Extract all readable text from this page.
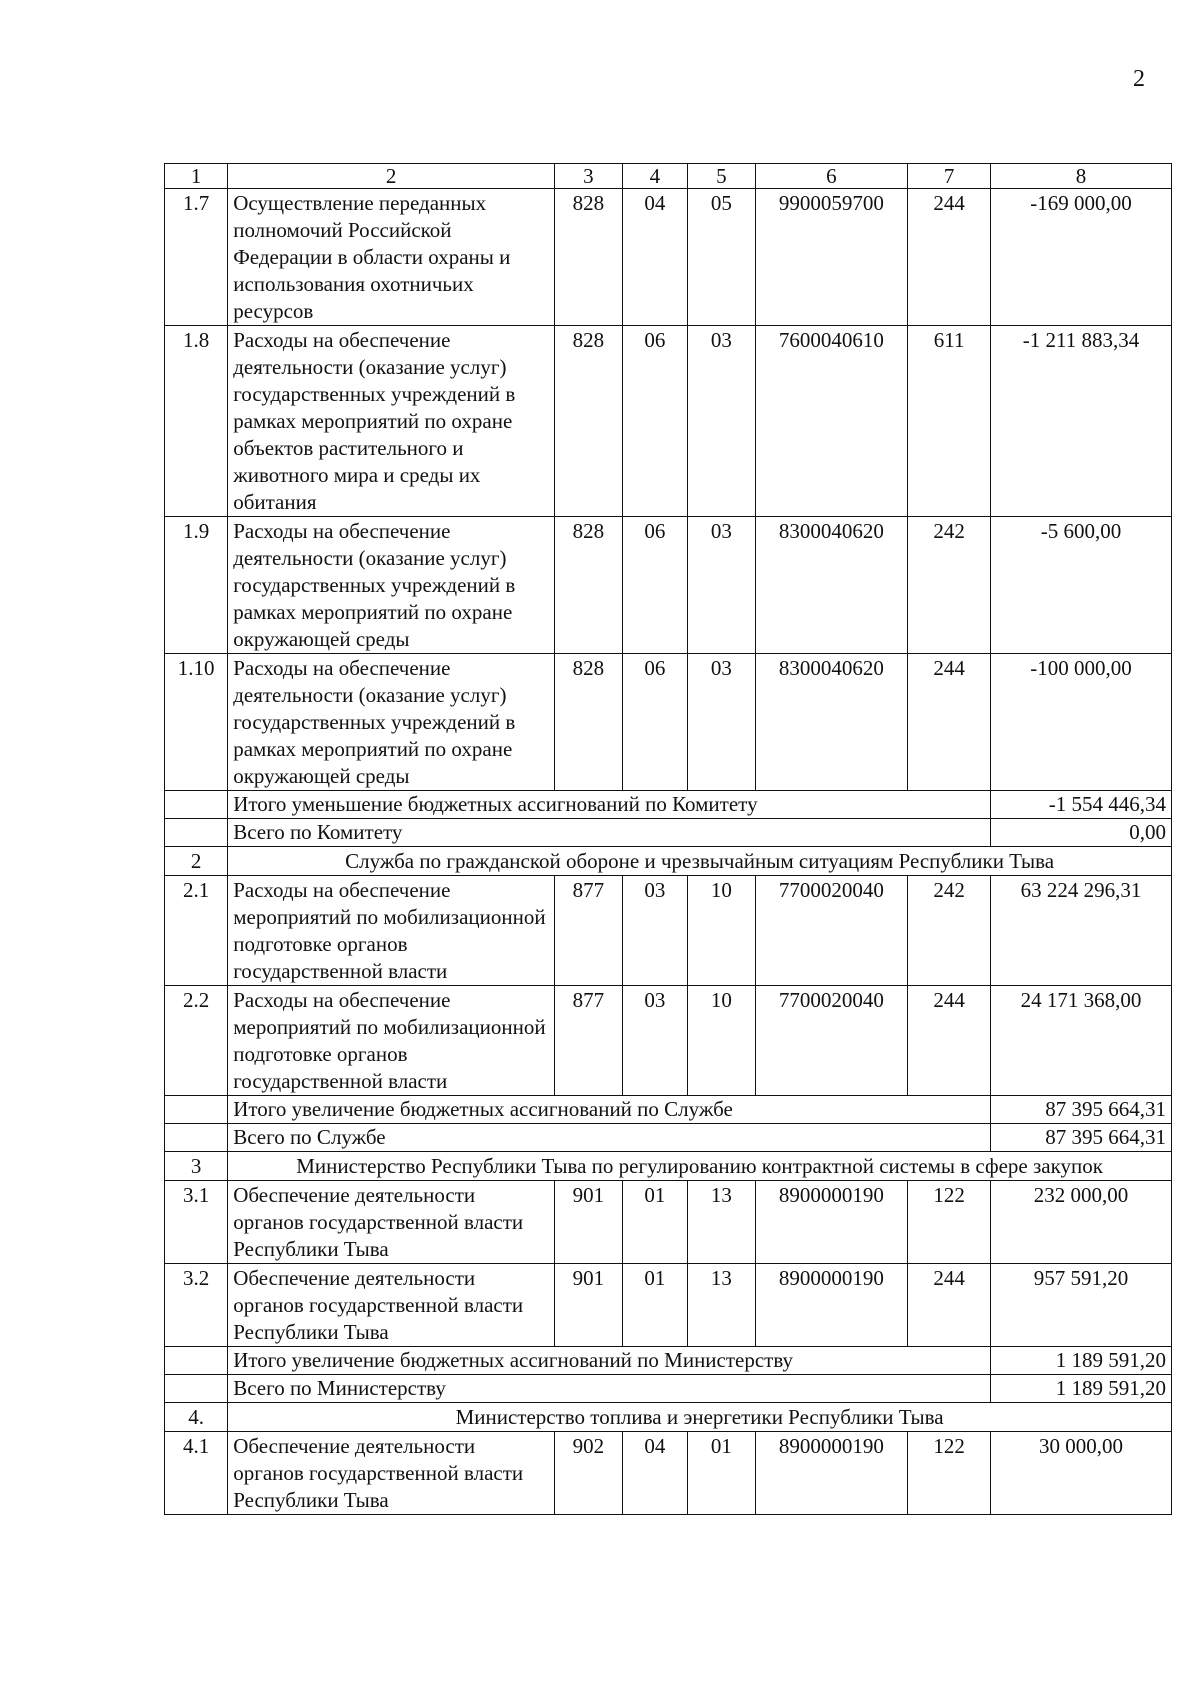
2
1	2	3	4	5	6	7	8
1.7	Осуществление переданных полномочий Российской Федерации в области охраны и использования охотничьих ресурсов	828	04	05	9900059700	244	-169 000,00
1.8	Расходы на обеспечение деятельности (оказание услуг) государственных учреждений в рамках мероприятий по охране объектов растительного и животного мира и среды их обитания	828	06	03	7600040610	611	-1 211 883,34
1.9	Расходы на обеспечение деятельности (оказание услуг) государственных учреждений в рамках мероприятий по охране окружающей среды	828	06	03	8300040620	242	-5 600,00
1.10	Расходы на обеспечение деятельности (оказание услуг) государственных учреждений в рамках мероприятий по охране окружающей среды	828	06	03	8300040620	244	-100 000,00
	Итого уменьшение бюджетных ассигнований по Комитету						-1 554 446,34
	Всего по Комитету						0,00
2	Служба по гражданской обороне и чрезвычайным ситуациям Республики Тыва						
2.1	Расходы на обеспечение мероприятий по мобилизационной подготовке органов государственной власти	877	03	10	7700020040	242	63 224 296,31
2.2	Расходы на обеспечение мероприятий по мобилизационной подготовке органов государственной власти	877	03	10	7700020040	244	24 171 368,00
	Итого увеличение бюджетных ассигнований по Службе						87 395 664,31
	Всего по Службе						87 395 664,31
3	Министерство Республики Тыва по регулированию контрактной системы в сфере закупок						
3.1	Обеспечение деятельности органов государственной власти Республики Тыва	901	01	13	8900000190	122	232 000,00
3.2	Обеспечение деятельности органов государственной власти Республики Тыва	901	01	13	8900000190	244	957 591,20
	Итого увеличение бюджетных ассигнований по Министерству						1 189 591,20
	Всего по Министерству						1 189 591,20
4.	Министерство топлива и энергетики Республики Тыва						
4.1	Обеспечение деятельности органов государственной власти Республики Тыва	902	04	01	8900000190	122	30 000,00
